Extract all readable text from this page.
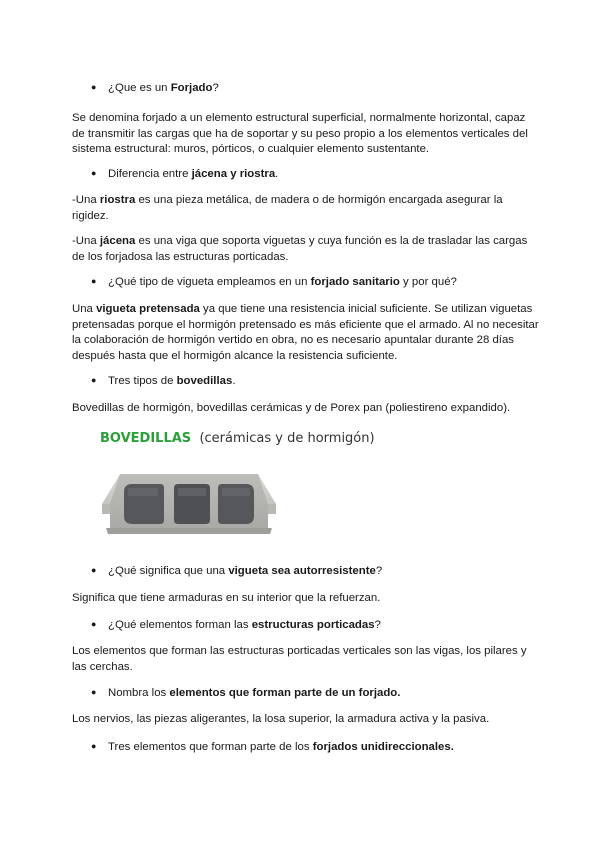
● ¿Que es un Forjado?
Se denomina forjado a un elemento estructural superficial, normalmente horizontal, capaz
de transmitir las cargas que ha de soportar y su peso propio a los elementos verticales del
sistema estructural: muros, pórticos, o cualquier elemento sustentante.
● Diferencia entre jácena y riostra.
-Una riostra es una pieza metálica, de madera o de hormigón encargada asegurar la
rigidez.
-Una jácena es una viga que soporta viguetas y cuya función es la de trasladar las cargas
de los forjadosa las estructuras porticadas.
● ¿Qué tipo de vigueta empleamos en un forjado sanitario y por qué?
Una vigueta pretensada ya que tiene una resistencia inicial suficiente. Se utilizan viguetas
pretensadas porque el hormigón pretensado es más eficiente que el armado. Al no necesitar
la colaboración de hormigón vertido en obra, no es necesario apuntalar durante 28 días
después hasta que el hormigón alcance la resistencia suficiente.
● Tres tipos de bovedillas.
Bovedillas de hormigón, bovedillas cerámicas y de Porex pan (poliestireno expandido).
BOVEDILLAS (cerámicas y de hormigón)
● ¿Qué significa que una vigueta sea autorresistente?
Significa que tiene armaduras en su interior que la refuerzan.
● ¿Qué elementos forman las estructuras porticadas?
Los elementos que forman las estructuras porticadas verticales son las vigas, los pilares y
las cerchas.
● Nombra los elementos que forman parte de un forjado.
Los nervios, las piezas aligerantes, la losa superior, la armadura activa y la pasiva.
● Tres elementos que forman parte de los forjados unidireccionales.
